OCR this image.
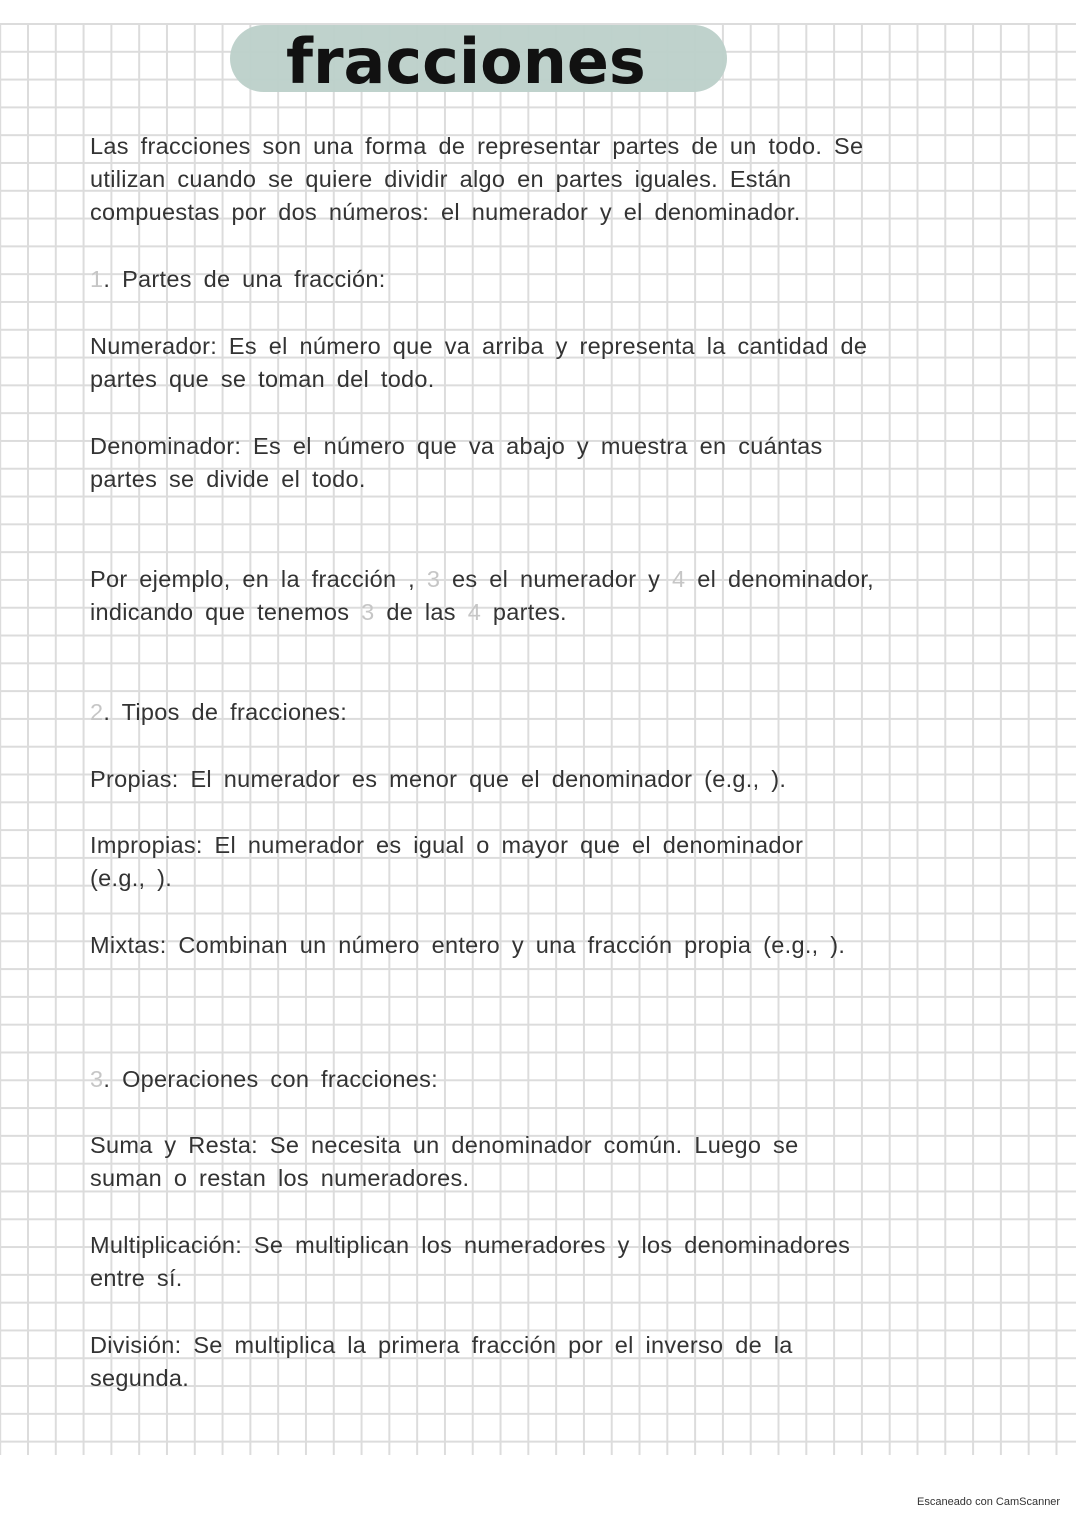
fracciones
Las fracciones son una forma de representar partes de un todo. Se
utilizan cuando se quiere dividir algo en partes iguales. Están
compuestas por dos números: el numerador y el denominador.
1. Partes de una fracción:
Numerador: Es el número que va arriba y representa la cantidad de
partes que se toman del todo.
Denominador: Es el número que va abajo y muestra en cuántas
partes se divide el todo.
Por ejemplo, en la fracción , 3 es el numerador y 4 el denominador,
indicando que tenemos 3 de las 4 partes.
2. Tipos de fracciones:
Propias: El numerador es menor que el denominador (e.g., ).
Impropias: El numerador es igual o mayor que el denominador
(e.g., ).
Mixtas: Combinan un número entero y una fracción propia (e.g., ).
3. Operaciones con fracciones:
Suma y Resta: Se necesita un denominador común. Luego se
suman o restan los numeradores.
Multiplicación: Se multiplican los numeradores y los denominadores
entre sí.
División: Se multiplica la primera fracción por el inverso de la
segunda.
Escaneado con CamScanner
